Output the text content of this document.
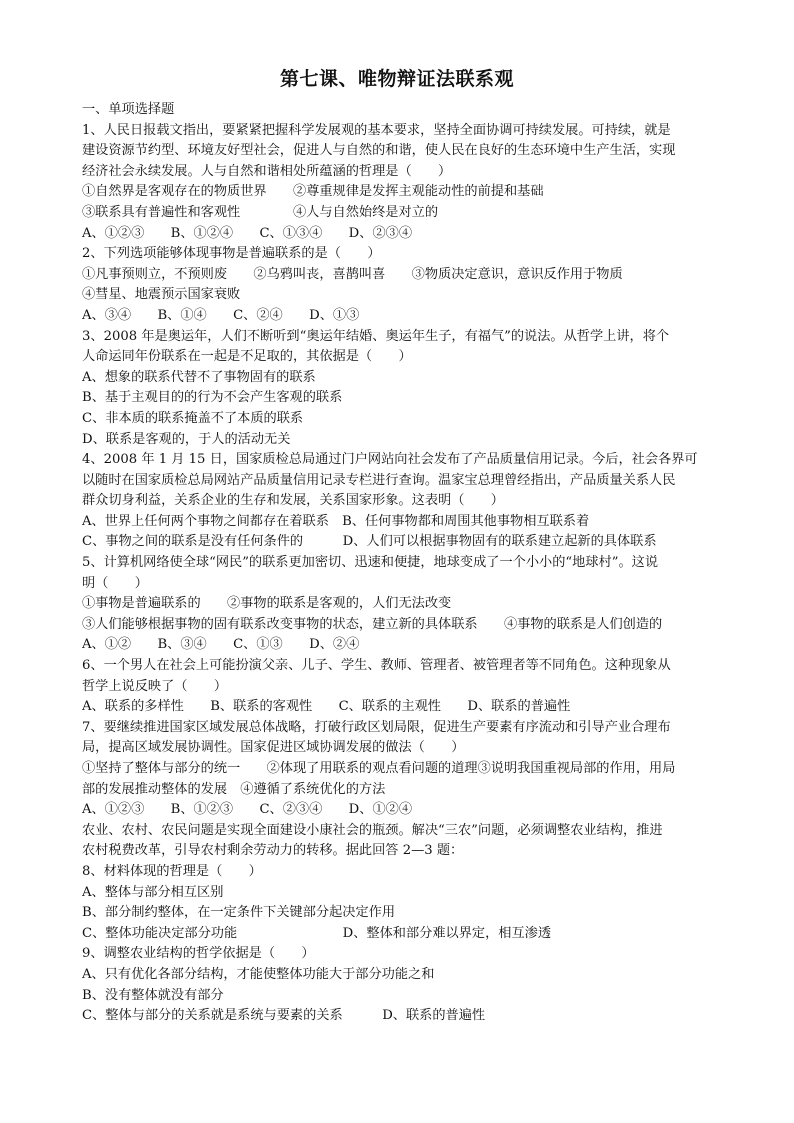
第七课、唯物辩证法联系观
一、单项选择题
1、人民日报载文指出，要紧紧把握科学发展观的基本要求，坚持全面协调可持续发展。可持续，就是
建设资源节约型、环境友好型社会，促进人与自然的和谐，使人民在良好的生态环境中生产生活，实现
经济社会永续发展。人与自然和谐相处所蕴涵的哲理是（　　）
①自然界是客观存在的物质世界　　②尊重规律是发挥主观能动性的前提和基础
③联系具有普遍性和客观性　　　　④人与自然始终是对立的
A、①②③　　B、①②④　　C、①③④　　D、②③④
2、下列选项能够体现事物是普遍联系的是（　　）
①凡事预则立，不预则废　　②乌鸦叫丧，喜鹊叫喜　　③物质决定意识，意识反作用于物质
④彗星、地震预示国家衰败
A、③④　　B、①④　　C、②④　　D、①③
3、2008 年是奥运年，人们不断听到“奥运年结婚、奥运年生子，有福气”的说法。从哲学上讲，将个
人命运同年份联系在一起是不足取的，其依据是（　　）
A、想象的联系代替不了事物固有的联系
B、基于主观目的的行为不会产生客观的联系
C、非本质的联系掩盖不了本质的联系
D、联系是客观的，于人的活动无关
4、2008 年 1 月 15 日，国家质检总局通过门户网站向社会发布了产品质量信用记录。今后，社会各界可
以随时在国家质检总局网站产品质量信用记录专栏进行查询。温家宝总理曾经指出，产品质量关系人民
群众切身利益，关系企业的生存和发展，关系国家形象。这表明（　　）
A、世界上任何两个事物之间都存在着联系　B、任何事物都和周围其他事物相互联系着
C、事物之间的联系是没有任何条件的　　　D、人们可以根据事物固有的联系建立起新的具体联系
5、计算机网络使全球“网民”的联系更加密切、迅速和便捷，地球变成了一个小小的“地球村”。这说
明（　　）
①事物是普遍联系的　　②事物的联系是客观的，人们无法改变
③人们能够根据事物的固有联系改变事物的状态，建立新的具体联系　　④事物的联系是人们创造的
A、①②　　B、③④　　C、①③　　D、②④
6、一个男人在社会上可能扮演父亲、儿子、学生、教师、管理者、被管理者等不同角色。这种现象从
哲学上说反映了（　　）
A、联系的多样性　　B、联系的客观性　　C、联系的主观性　　D、联系的普遍性
7、要继续推进国家区域发展总体战略，打破行政区划局限，促进生产要素有序流动和引导产业合理布
局，提高区域发展协调性。国家促进区域协调发展的做法（　　）
①坚持了整体与部分的统一　　②体现了用联系的观点看问题的道理③说明我国重视局部的作用，用局
部的发展推动整体的发展　④遵循了系统优化的方法
A、①②③　　B、①②③　　C、②③④　　D、①②④
农业、农村、农民问题是实现全面建设小康社会的瓶颈。解决“三农”问题，必须调整农业结构，推进
农村税费改革，引导农村剩余劳动力的转移。据此回答 2—3 题：
8、材料体现的哲理是（　　）
A、整体与部分相互区别
B、部分制约整体，在一定条件下关键部分起决定作用
C、整体功能决定部分功能　　　　　　　　D、整体和部分难以界定，相互渗透
9、调整农业结构的哲学依据是（　　）
A、只有优化各部分结构，才能使整体功能大于部分功能之和
B、没有整体就没有部分
C、整体与部分的关系就是系统与要素的关系　　　D、联系的普遍性
